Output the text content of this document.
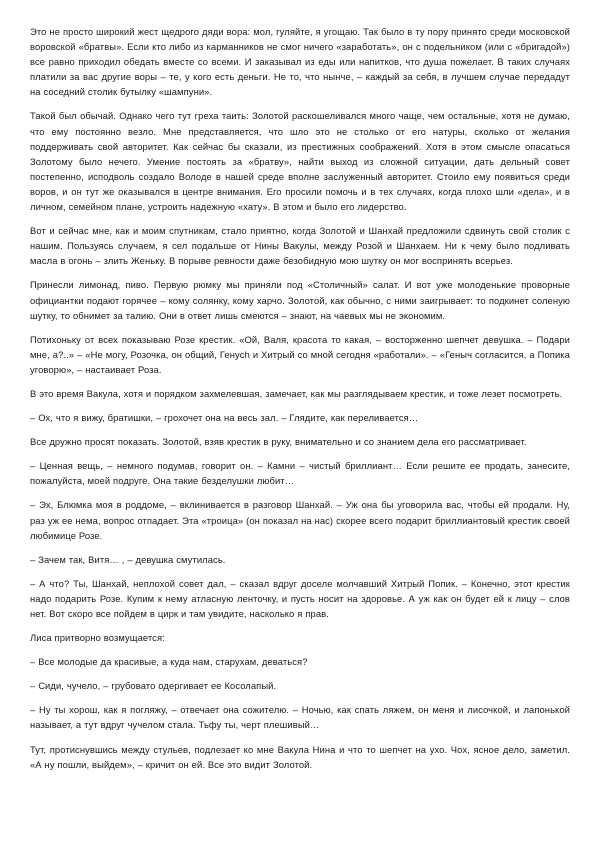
Это не просто широкий жест щедрого дяди вора: мол, гуляйте, я угощаю. Так было в ту пору принято среди московской воровской «братвы». Если кто либо из карманников не смог ничего «заработать», он с подельником (или с «бригадой») все равно приходил обедать вместе со всеми. И заказывал из еды или напитков, что душа пожелает. В таких случаях платили за вас другие воры – те, у кого есть деньги. Не то, что нынче, – каждый за себя, в лучшем случае передадут на соседний столик бутылку «шампуни».

Такой был обычай. Однако чего тут греха таить: Золотой раскошеливался много чаще, чем остальные, хотя не думаю, что ему постоянно везло. Мне представляется, что шло это не столько от его натуры, сколько от желания поддерживать свой авторитет. Как сейчас бы сказали, из престижных соображений. Хотя в этом смысле опасаться Золотому было нечего. Умение постоять за «братву», найти выход из сложной ситуации, дать дельный совет постепенно, исподволь создало Володе в нашей среде вполне заслуженный авторитет. Стоило ему появиться среди воров, и он тут же оказывался в центре внимания. Его просили помочь и в тех случаях, когда плохо шли «дела», и в личном, семейном плане, устроить надежную «хату». В этом и было его лидерство.

Вот и сейчас мне, как и моим спутникам, стало приятно, когда Золотой и Шанхай предложили сдвинуть свой столик с нашим. Пользуясь случаем, я сел подальше от Нины Вакулы, между Розой и Шанхаем. Ни к чему было подливать масла в огонь – злить Женьку. В порыве ревности даже безобидную мою шутку он мог воспринять всерьез.

Принесли лимонад, пиво. Первую рюмку мы приняли под «Столичный» салат. И вот уже молоденькие проворные официантки подают горячее – кому солянку, кому харчо. Золотой, как обычно, с ними заигрывает: то подкинет соленую шутку, то обнимет за талию. Они в ответ лишь смеются – знают, на чаевых мы не экономим.

Потихоньку от всех показываю Розе крестик. «Ой, Валя, красота то какая, – восторженно шепчет девушка. – Подари мне, а?..» – «Не могу, Розочка, он общий, Генych и Хитрый со мной сегодня «работали». – «Геныч согласится, а Попика уговорю», – настаивает Роза.

В это время Вакула, хотя и порядком захмелевшая, замечает, как мы разглядываем крестик, и тоже лезет посмотреть.

– Ох, что я вижу, братишки, – грохочет она на весь зал. – Глядите, как переливается…

Все дружно просят показать. Золотой, взяв крестик в руку, внимательно и со знанием дела его рассматривает.

– Ценная вещь, – немного подумав, говорит он. – Камни – чистый бриллиант… Если решите ее продать, занесите, пожалуйста, моей подруге. Она такие безделушки любит…

– Эх, Блюмка моя в роддоме, – вклинивается в разговор Шанхай. – Уж она бы уговорила вас, чтобы ей продали. Ну, раз уж ее нема, вопрос отпадает. Эта «троица» (он показал на нас) скорее всего подарит бриллиантовый крестик своей любимице Розе.

– Зачем так, Витя… , – девушка смутилась.

– А что? Ты, Шанхай, неплохой совет дал, – сказал вдруг доселе молчавший Хитрый Попик. – Конечно, этот крестик надо подарить Розе. Купим к нему атласную ленточку, и пусть носит на здоровье. А уж как он будет ей к лицу – слов нет. Вот скоро все пойдем в цирк и там увидите, насколько я прав.

Лиса притворно возмущается:

– Все молодые да красивые, а куда нам, старухам, деваться?

– Сиди, чучело, – грубовато одергивает ее Косолапый.

– Ну ты хорош, как я погляжу, – отвечает она сожителю. – Ночью, как спать ляжем, он меня и лисочкой, и лапонькой называет, а тут вдруг чучелом стала. Тьфу ты, черт плешивый…

Тут, протиснувшись между стульев, подлезает ко мне Вакула Нина и что то шепчет на ухо. Чох, ясное дело, заметил. «А ну пошли, выйдем», – кричит он ей. Все это видит Золотой.
